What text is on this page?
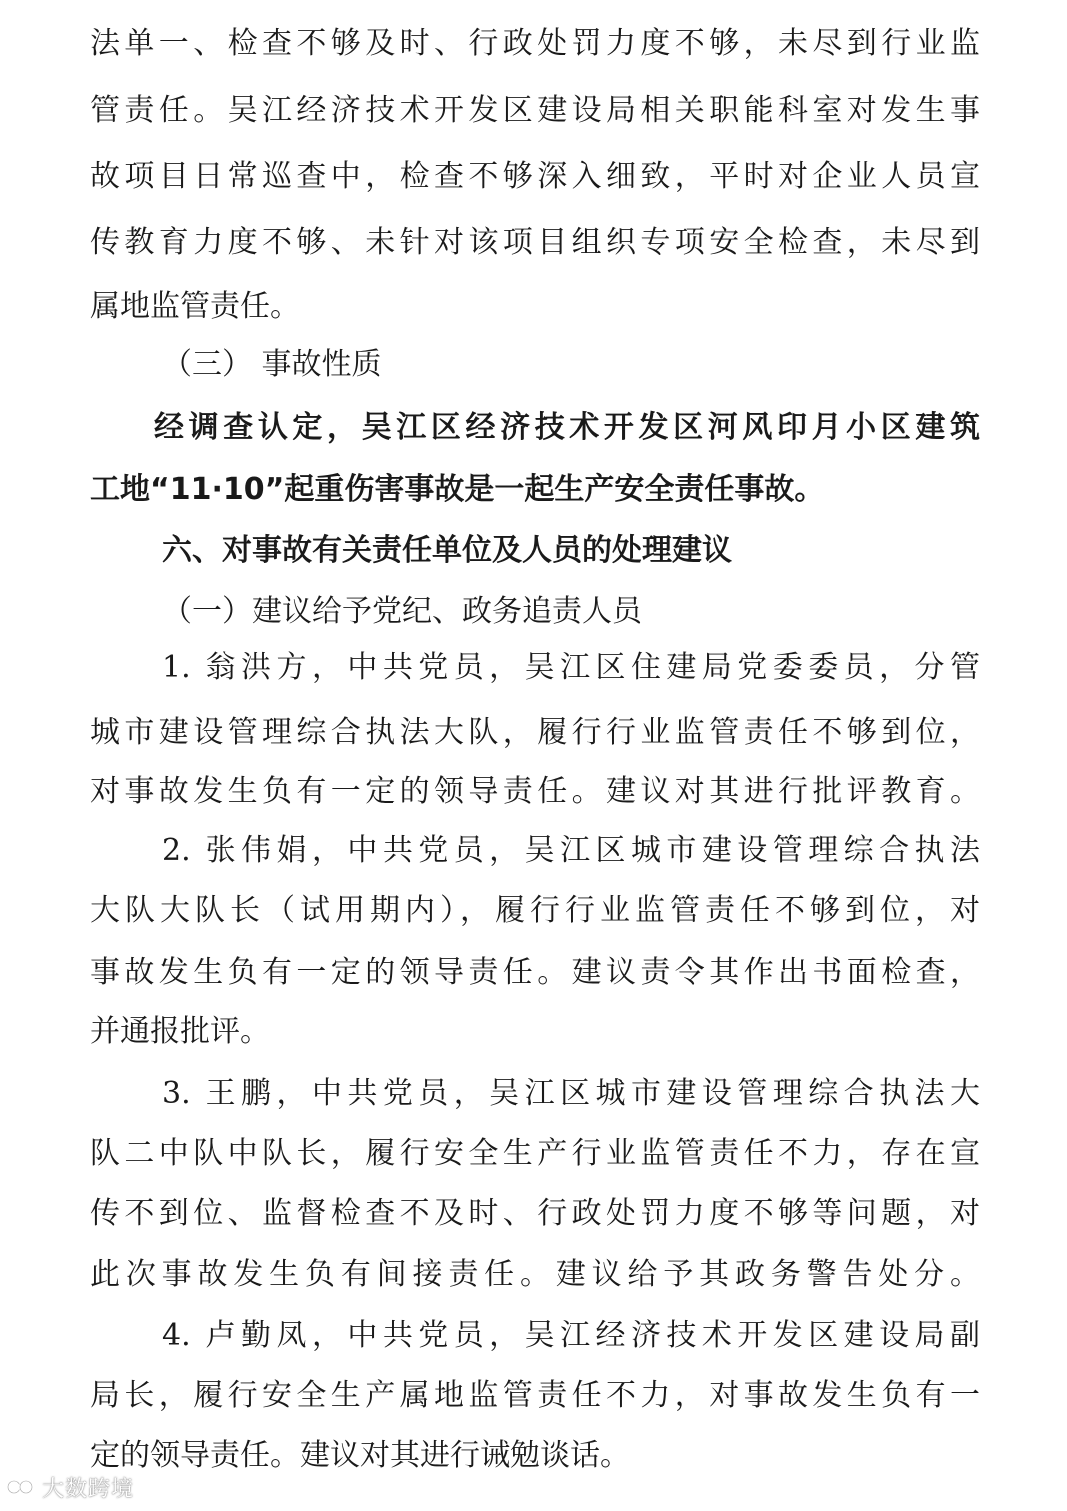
法单一、检查不够及时、行政处罚力度不够，未尽到行业监
管责任。吴江经济技术开发区建设局相关职能科室对发生事
故项目日常巡查中，检查不够深入细致，平时对企业人员宣
传教育力度不够、未针对该项目组织专项安全检查，未尽到
属地监管责任。
（三） 事故性质
经调查认定，吴江区经济技术开发区河风印月小区建筑
工地“11·10”起重伤害事故是一起生产安全责任事故。
六、对事故有关责任单位及人员的处理建议
（一）建议给予党纪、政务追责人员
1. 翁洪方，中共党员，吴江区住建局党委委员，分管
城市建设管理综合执法大队，履行行业监管责任不够到位，
对事故发生负有一定的领导责任。建议对其进行批评教育。
2. 张伟娟，中共党员，吴江区城市建设管理综合执法
大队大队长（试用期内），履行行业监管责任不够到位，对
事故发生负有一定的领导责任。建议责令其作出书面检查，
并通报批评。
3. 王鹏，中共党员，吴江区城市建设管理综合执法大
队二中队中队长，履行安全生产行业监管责任不力，存在宣
传不到位、监督检查不及时、行政处罚力度不够等问题，对
此次事故发生负有间接责任。建议给予其政务警告处分。
4. 卢勤凤，中共党员，吴江经济技术开发区建设局副
局长，履行安全生产属地监管责任不力，对事故发生负有一
定的领导责任。建议对其进行诫勉谈话。
大数跨境
